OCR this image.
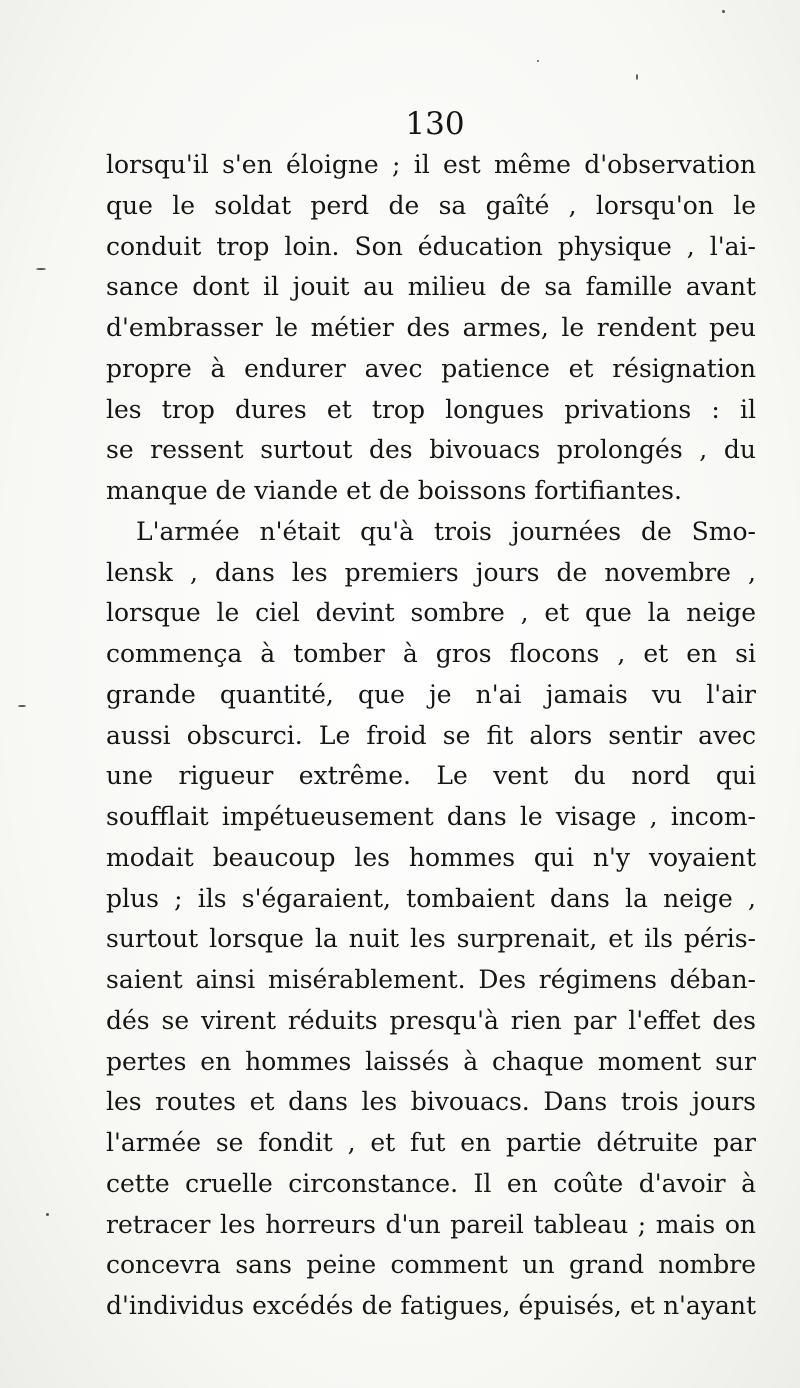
130
lorsqu'il s'en éloigne ; il est même d'observation
que le soldat perd de sa gaîté , lorsqu'on le
conduit trop loin. Son éducation physique , l'ai-
sance dont il jouit au milieu de sa famille avant
d'embrasser le métier des armes, le rendent peu
propre à endurer avec patience et résignation
les trop dures et trop longues privations : il
se ressent surtout des bivouacs prolongés , du
manque de viande et de boissons fortifiantes.
L'armée n'était qu'à trois journées de Smo-
lensk , dans les premiers jours de novembre ,
lorsque le ciel devint sombre , et que la neige
commença à tomber à gros flocons , et en si
grande quantité, que je n'ai jamais vu l'air
aussi obscurci. Le froid se fit alors sentir avec
une rigueur extrême. Le vent du nord qui
soufflait impétueusement dans le visage , incom-
modait beaucoup les hommes qui n'y voyaient
plus ; ils s'égaraient, tombaient dans la neige ,
surtout lorsque la nuit les surprenait, et ils péris-
saient ainsi misérablement. Des régimens déban-
dés se virent réduits presqu'à rien par l'effet des
pertes en hommes laissés à chaque moment sur
les routes et dans les bivouacs. Dans trois jours
l'armée se fondit , et fut en partie détruite par
cette cruelle circonstance. Il en coûte d'avoir à
retracer les horreurs d'un pareil tableau ; mais on
concevra sans peine comment un grand nombre
d'individus excédés de fatigues, épuisés, et n'ayant
